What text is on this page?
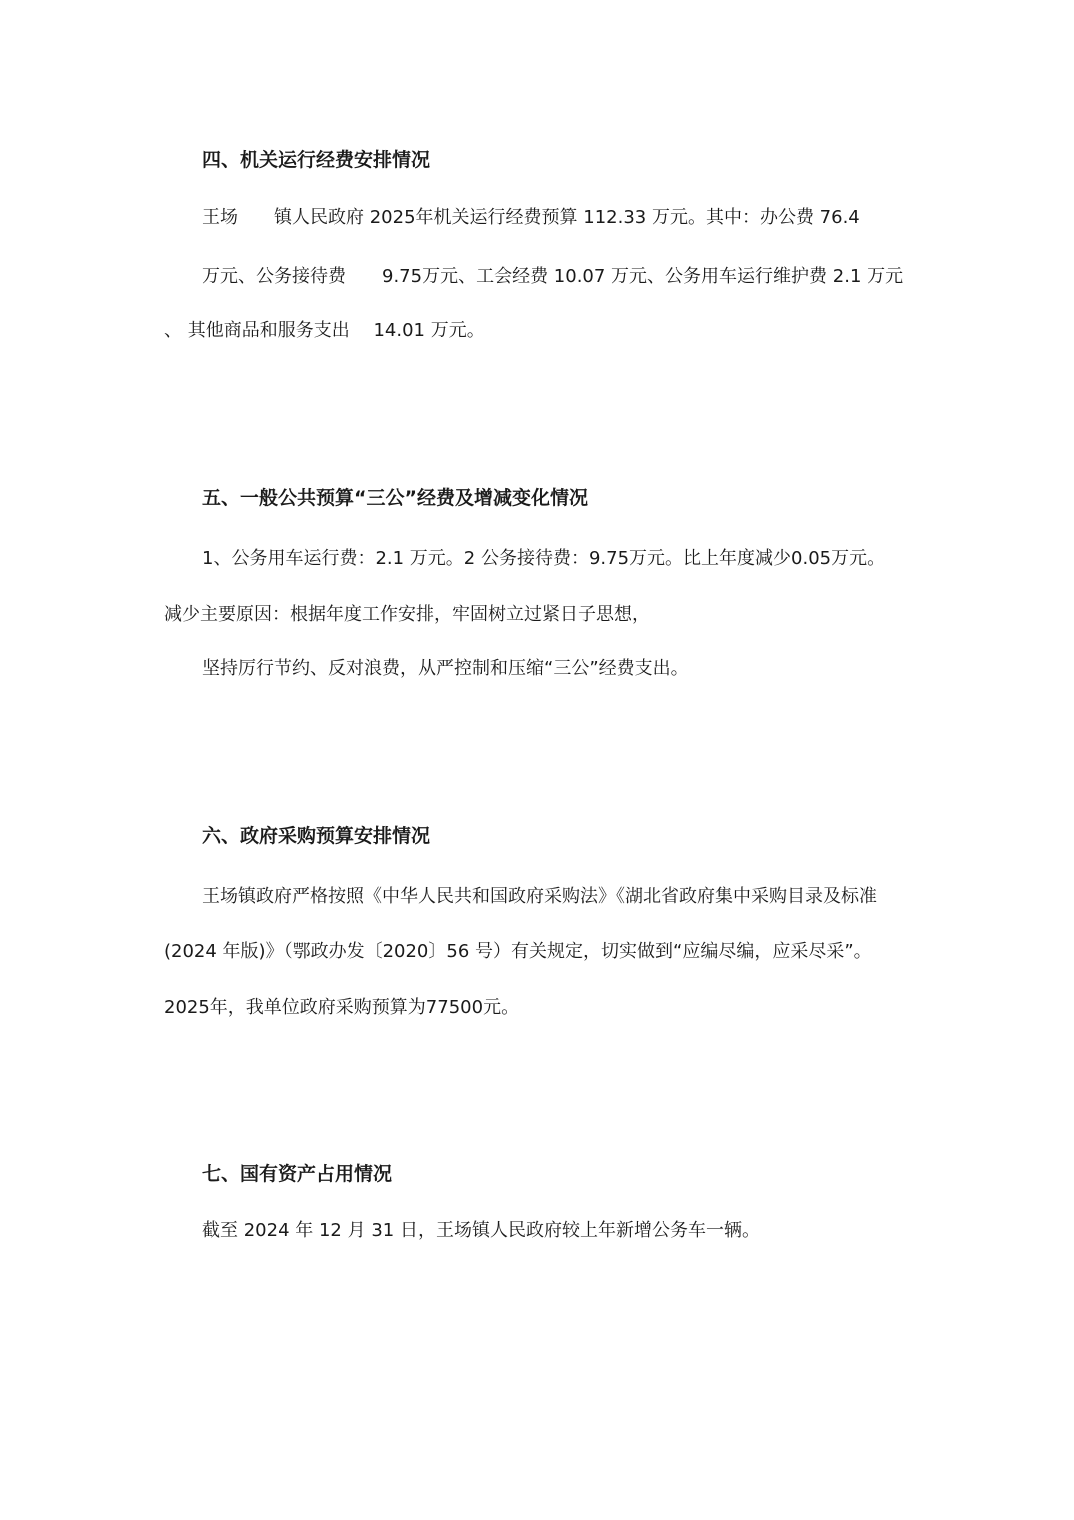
四、机关运行经费安排情况
王场　　镇人民政府 2025年机关运行经费预算 112.33 万元。其中：办公费 76.4
万元、公务接待费　　9.75万元、工会经费 10.07 万元、公务用车运行维护费 2.1 万元
、 其他商品和服务支出　 14.01 万元。
五、一般公共预算“三公”经费及增减变化情况
1、公务用车运行费：2.1 万元。2 公务接待费：9.75万元。比上年度减少0.05万元。
减少主要原因：根据年度工作安排，牢固树立过紧日子思想，
坚持厉行节约、反对浪费，从严控制和压缩“三公”经费支出。
六、政府采购预算安排情况
王场镇政府严格按照《中华人民共和国政府采购法》《湖北省政府集中采购目录及标准
(2024 年版)》（鄂政办发〔2020〕56 号）有关规定，切实做到“应编尽编，应采尽采”。
2025年，我单位政府采购预算为77500元。
七、国有资产占用情况
截至 2024 年 12 月 31 日，王场镇人民政府较上年新增公务车一辆。
